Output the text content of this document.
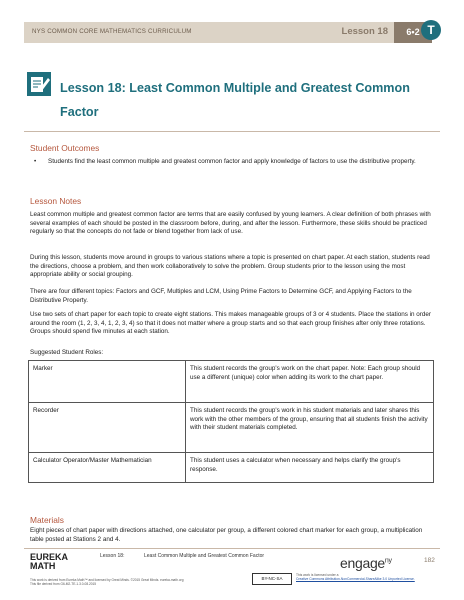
NYS COMMON CORE MATHEMATICS CURRICULUM	Lesson 18	6•2 T
Lesson 18: Least Common Multiple and Greatest Common Factor
Student Outcomes
• Students find the least common multiple and greatest common factor and apply knowledge of factors to use the distributive property.
Lesson Notes
Least common multiple and greatest common factor are terms that are easily confused by young learners. A clear definition of both phrases with several examples of each should be posted in the classroom before, during, and after the lesson. Furthermore, these skills should be practiced regularly so that the concepts do not fade or blend together from lack of use.
During this lesson, students move around in groups to various stations where a topic is presented on chart paper. At each station, students read the directions, choose a problem, and then work collaboratively to solve the problem. Group students prior to the lesson using the most appropriate ability or social grouping.
There are four different topics: Factors and GCF, Multiples and LCM, Using Prime Factors to Determine GCF, and Applying Factors to the Distributive Property.
Use two sets of chart paper for each topic to create eight stations. This makes manageable groups of 3 or 4 students. Place the stations in order around the room (1, 2, 3, 4, 1, 2, 3, 4) so that it does not matter where a group starts and so that each group finishes after only three rotations. Groups should spend five minutes at each station.
Suggested Student Roles:
Marker	This student records the group's work on the chart paper. Note: Each group should use a different (unique) color when adding its work to the chart paper.
Recorder	This student records the group's work in his student materials and later shares this work with the other members of the group, ensuring that all students finish the activity with their student materials completed.
Calculator Operator/Master Mathematician	This student uses a calculator when necessary and helps clarify the group's response.
Materials
Eight pieces of chart paper with directions attached, one calculator per group, a different colored chart marker for each group, a multiplication table posted at Stations 2 and 4.
EUREKA
MATH
Lesson 18:	Least Common Multiple and Greatest Common Factor	engage$^{ny}$	182
This work is derived from Eureka Math™ and licensed by Great Minds. ©2015 Great Minds. eureka-math.org
This file derived from G6-M2-TE-1.3.0-08.2015
BY-NC-SA
This work is licensed under a
Creative Commons Attribution-NonCommercial-ShareAlike 3.0 Unported License.
